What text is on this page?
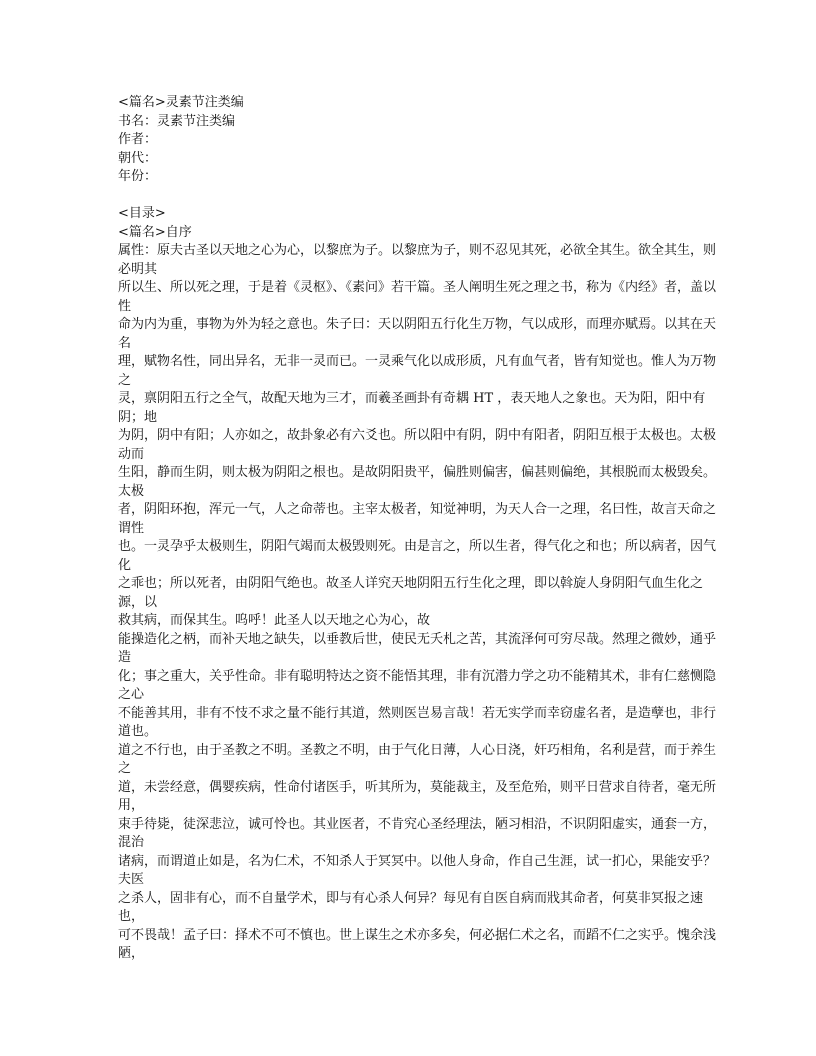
<篇名>灵素节注类编
书名：灵素节注类编
作者：
朝代：
年份：
<目录>
<篇名>自序
属性：原夫古圣以天地之心为心，以黎庶为子。以黎庶为子，则不忍见其死，必欲全其生。欲全其生，则必明其
所以生、所以死之理，于是着《灵枢》、《素问》若干篇。圣人阐明生死之理之书，称为《内经》者，盖以性
命为内为重，事物为外为轻之意也。朱子曰：天以阴阳五行化生万物，气以成形，而理亦赋焉。以其在天名
理，赋物名性，同出异名，无非一灵而已。一灵乘气化以成形质，凡有血气者，皆有知觉也。惟人为万物之
灵，禀阴阳五行之全气，故配天地为三才，而羲圣画卦有奇耦 HT ，表天地人之象也。天为阳，阳中有阴；地
为阴，阴中有阳；人亦如之，故卦象必有六爻也。所以阳中有阴，阴中有阳者，阴阳互根于太极也。太极动而
生阳，静而生阴，则太极为阴阳之根也。是故阴阳贵平，偏胜则偏害，偏甚则偏绝，其根脱而太极毁矣。太极
者，阴阳环抱，浑元一气，人之命蒂也。主宰太极者，知觉神明，为天人合一之理，名曰性，故言天命之谓性
也。一灵孕乎太极则生，阴阳气竭而太极毁则死。由是言之，所以生者，得气化之和也；所以病者，因气化
之乖也；所以死者，由阴阳气绝也。故圣人详究天地阴阳五行生化之理，即以斡旋人身阴阳气血生化之源，以
救其病，而保其生。呜呼！此圣人以天地之心为心，故
能操造化之柄，而补天地之缺失，以垂教后世，使民无夭札之苦，其流泽何可穷尽哉。然理之微妙，通乎造
化；事之重大，关乎性命。非有聪明特达之资不能悟其理，非有沉潜力学之功不能精其术，非有仁慈恻隐之心
不能善其用，非有不忮不求之量不能行其道，然则医岂易言哉！若无实学而幸窃虚名者，是造孽也，非行道也。
道之不行也，由于圣教之不明。圣教之不明，由于气化日薄，人心日浇，奸巧相角，名利是营，而于养生之
道，未尝经意，偶婴疾病，性命付诸医手，听其所为，莫能裁主，及至危殆，则平日营求自待者，毫无所用，
束手待毙，徒深悲泣，诚可怜也。其业医者，不肯究心圣经理法，陋习相沿，不识阴阳虚实，通套一方，混治
诸病，而谓道止如是，名为仁术，不知杀人于冥冥中。以他人身命，作自己生涯，试一扪心，果能安乎？夫医
之杀人，固非有心，而不自量学术，即与有心杀人何异？每见有自医自病而戕其命者，何莫非冥报之速也，
可不畏哉！孟子曰：择术不可不慎也。世上谋生之术亦多矣，何必据仁术之名，而蹈不仁之实乎。愧余浅陋，
